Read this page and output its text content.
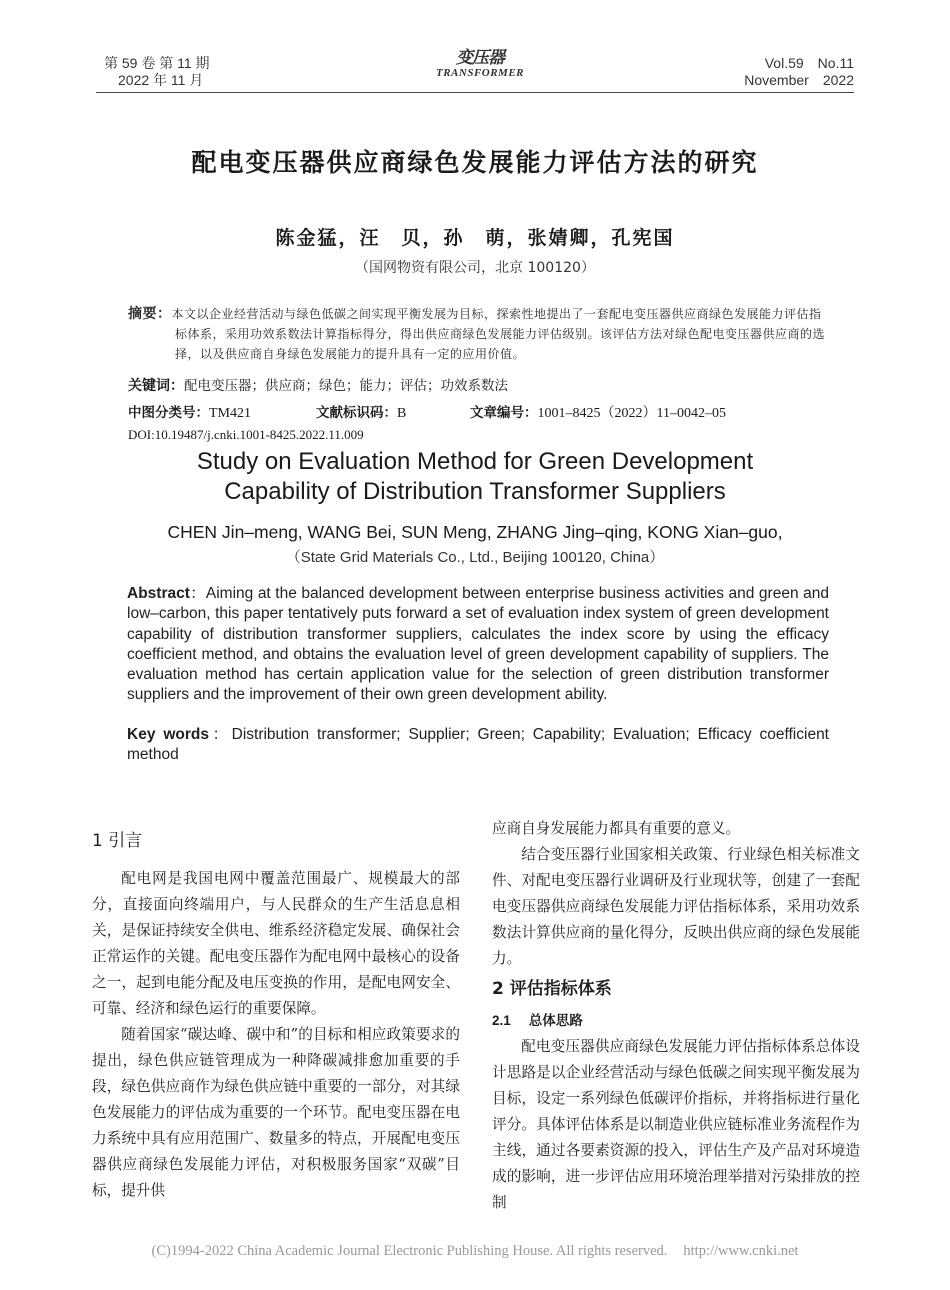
第 59 卷 第 11 期
2022 年 11 月
变压器
TRANSFORMER
Vol.59 No.11
November 2022
配电变压器供应商绿色发展能力评估方法的研究
陈金猛，汪　贝，孙　萌，张婧卿，孔宪国
（国网物资有限公司，北京 100120）
摘要：本文以企业经营活动与绿色低碳之间实现平衡发展为目标，探索性地提出了一套配电变压器供应商绿色发展能力评估指标体系，采用功效系数法计算指标得分，得出供应商绿色发展能力评估级别。该评估方法对绿色配电变压器供应商的选择，以及供应商自身绿色发展能力的提升具有一定的应用价值。
关键词：配电变压器；供应商；绿色；能力；评估；功效系数法
中图分类号：TM421	文献标识码：B	文章编号：1001–8425（2022）11–0042–05
DOI:10.19487/j.cnki.1001-8425.2022.11.009
Study on Evaluation Method for Green Development
Capability of Distribution Transformer Suppliers
CHEN Jin–meng, WANG Bei, SUN Meng, ZHANG Jing–qing, KONG Xian–guo,
（State Grid Materials Co., Ltd., Beijing 100120, China）
Abstract：Aiming at the balanced development between enterprise business activities and green and low–carbon, this paper tentatively puts forward a set of evaluation index system of green development capability of distribution transformer suppliers, calculates the index score by using the efficacy coefficient method, and obtains the evaluation level of green development capability of suppliers. The evaluation method has certain application value for the selection of green distribution transformer suppliers and the improvement of their own green development ability.
Key words：Distribution transformer; Supplier; Green; Capability; Evaluation; Efficacy coefficient method
1 引言

配电网是我国电网中覆盖范围最广、规模最大的部分，直接面向终端用户，与人民群众的生产生活息息相关，是保证持续安全供电、维系经济稳定发展、确保社会正常运作的关键。配电变压器作为配电网中最核心的设备之一，起到电能分配及电压变换的作用，是配电网安全、可靠、经济和绿色运行的重要保障。

随着国家“碳达峰、碳中和”的目标和相应政策要求的提出，绿色供应链管理成为一种降碳减排愈加重要的手段，绿色供应商作为绿色供应链中重要的一部分，对其绿色发展能力的评估成为重要的一个环节。配电变压器在电力系统中具有应用范围广、数量多的特点，开展配电变压器供应商绿色发展能力评估，对积极服务国家“双碳”目标，提升供

应商自身发展能力都具有重要的意义。

结合变压器行业国家相关政策、行业绿色相关标准文件、对配电变压器行业调研及行业现状等，创建了一套配电变压器供应商绿色发展能力评估指标体系，采用功效系数法计算供应商的量化得分，反映出供应商的绿色发展能力。

2 评估指标体系
2.1 总体思路

配电变压器供应商绿色发展能力评估指标体系总体设计思路是以企业经营活动与绿色低碳之间实现平衡发展为目标，设定一系列绿色低碳评价指标，并将指标进行量化评分。具体评估体系是以制造业供应链标准业务流程作为主线，通过各要素资源的投入，评估生产及产品对环境造成的影响，进一步评估应用环境治理举措对污染排放的控制

(C)1994-2022 China Academic Journal Electronic Publishing House. All rights reserved. http://www.cnki.net
